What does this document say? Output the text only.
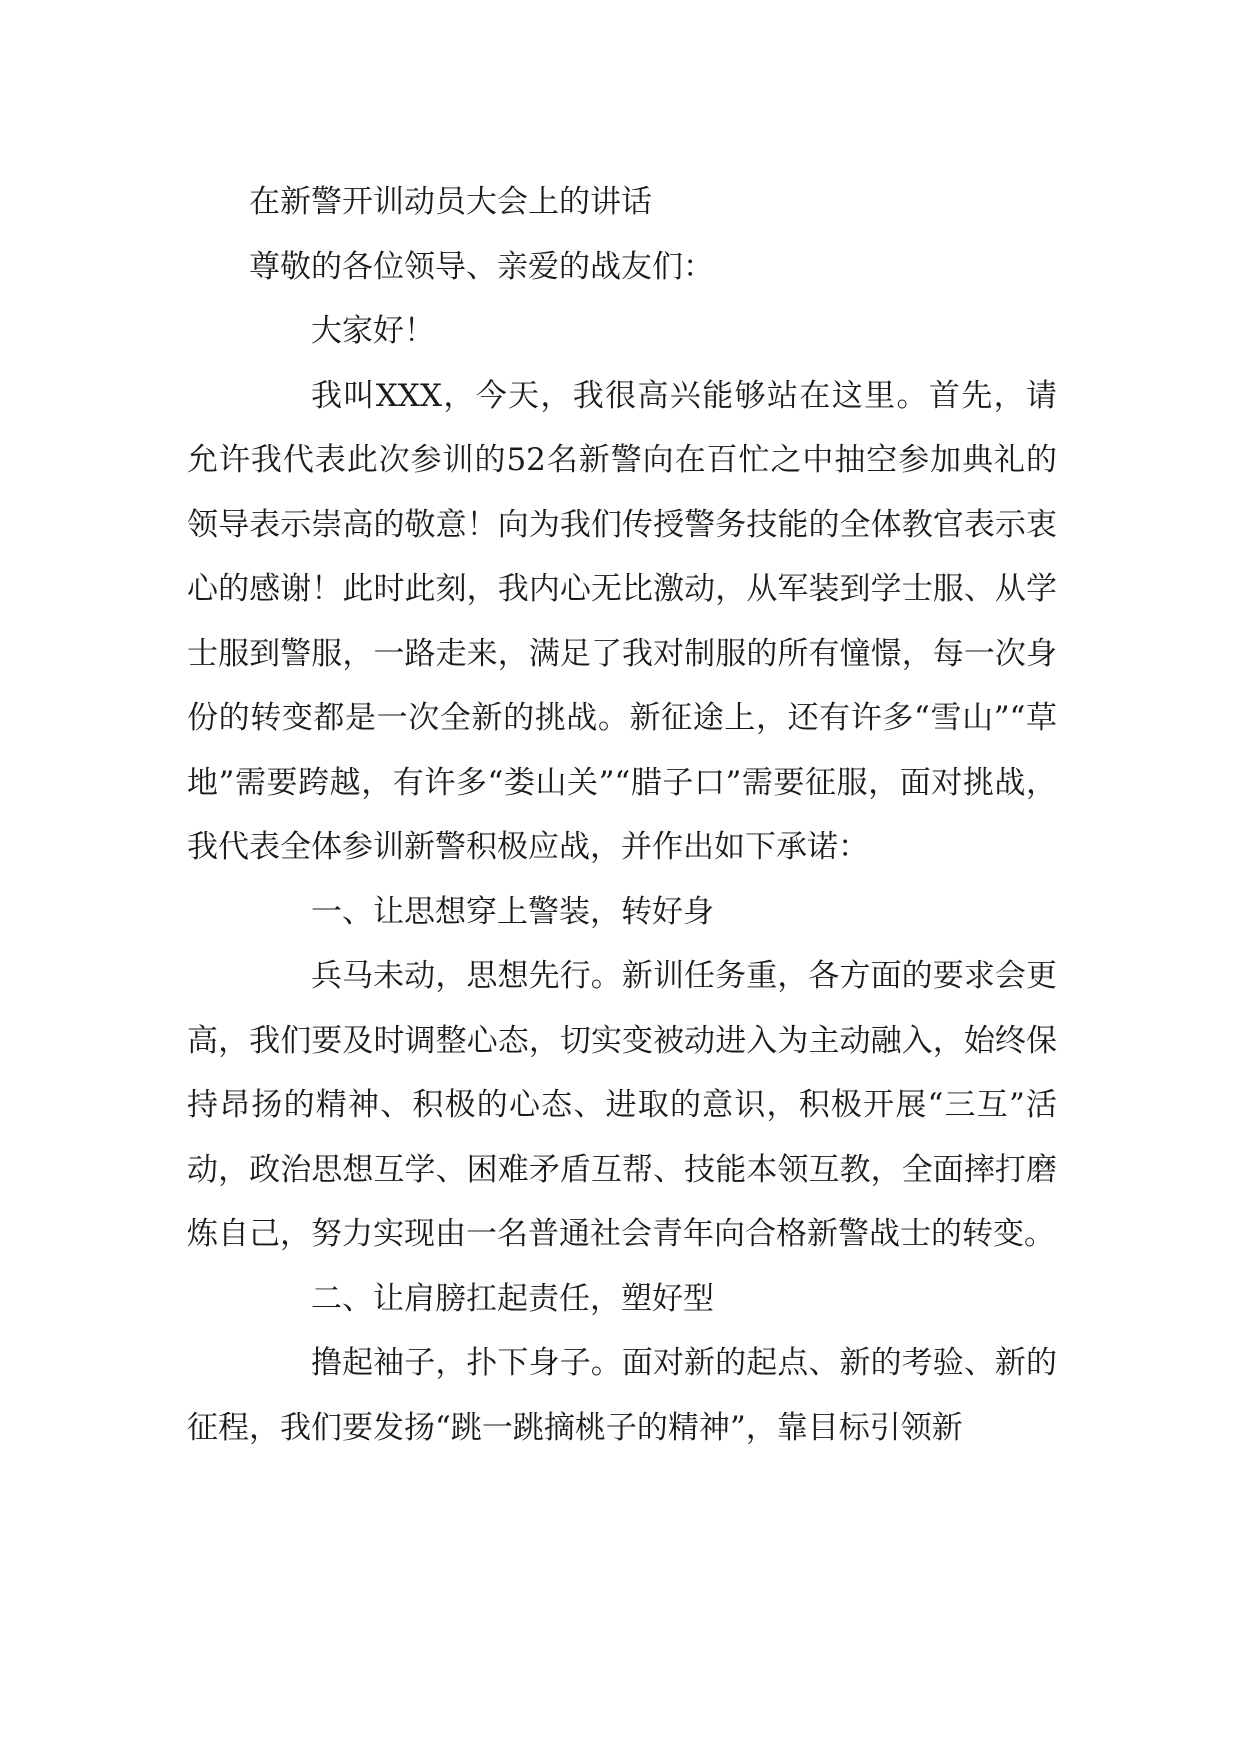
在新警开训动员大会上的讲话

尊敬的各位领导、亲爱的战友们：

大家好！

我叫XXX，今天，我很高兴能够站在这里。首先，请允许我代表此次参训的52名新警向在百忙之中抽空参加典礼的领导表示崇高的敬意！向为我们传授警务技能的全体教官表示衷心的感谢！此时此刻，我内心无比激动，从军装到学士服、从学士服到警服，一路走来，满足了我对制服的所有憧憬，每一次身份的转变都是一次全新的挑战。新征途上，还有许多“雪山”“草地”需要跨越，有许多“娄山关”“腊子口”需要征服，面对挑战，我代表全体参训新警积极应战，并作出如下承诺：

一、让思想穿上警装，转好身

兵马未动，思想先行。新训任务重，各方面的要求会更高，我们要及时调整心态，切实变被动进入为主动融入，始终保持昂扬的精神、积极的心态、进取的意识，积极开展“三互”活动，政治思想互学、困难矛盾互帮、技能本领互教，全面摔打磨炼自己，努力实现由一名普通社会青年向合格新警战士的转变。

二、让肩膀扛起责任，塑好型

撸起袖子，扑下身子。面对新的起点、新的考验、新的征程，我们要发扬“跳一跳摘桃子的精神”，靠目标引领新
